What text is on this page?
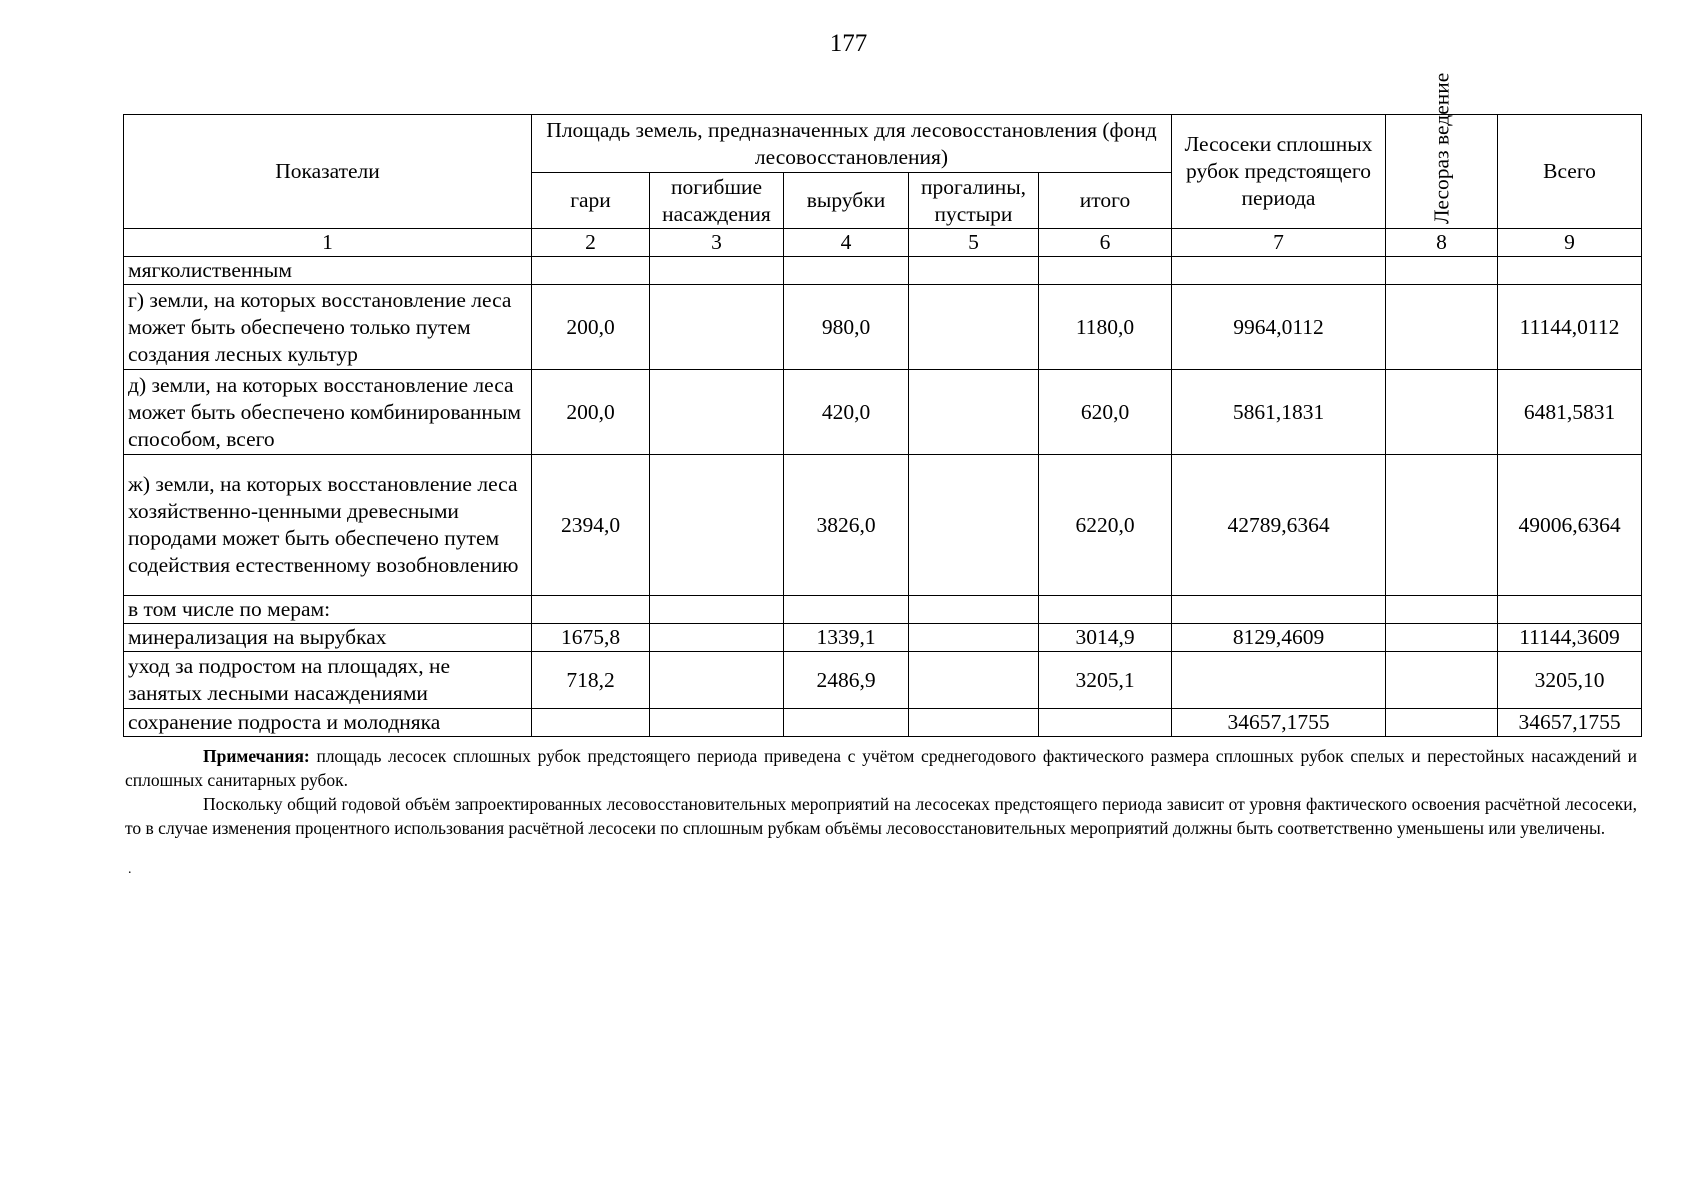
177
Показатели	Площадь земель, предназначенных для лесовосстановления (фонд лесовосстановления)					Лесосеки сплошных рубок предстоящего периода	Лесораз ведение	Всего
	гари	погибшие насаждения	вырубки	прогалины, пустыри	итого			
1	2	3	4	5	6	7	8	9
мягколиственным								
г) земли, на которых восстановление леса может быть обеспечено только путем создания лесных культур	200,0		980,0		1180,0	9964,0112		11144,0112
д) земли, на которых восстановление леса может быть обеспечено комбинированным способом, всего	200,0		420,0		620,0	5861,1831		6481,5831
ж) земли, на которых восстановление леса хозяйственно-ценными древесными породами может быть обеспечено путем содействия естественному возобновлению	2394,0		3826,0		6220,0	42789,6364		49006,6364
в том числе по мерам:								
минерализация на вырубках	1675,8		1339,1		3014,9	8129,4609		11144,3609
уход за подростом на площадях, не занятых лесными насаждениями	718,2		2486,9		3205,1			3205,10
сохранение подроста и молодняка						34657,1755		34657,1755

Примечания: площадь лесосек сплошных рубок предстоящего периода приведена с учётом среднегодового фактического размера сплошных рубок спелых и перестойных насаждений и сплошных санитарных рубок.

Поскольку общий годовой объём запроектированных лесовосстановительных мероприятий на лесосеках предстоящего периода зависит от уровня фактического освоения расчётной лесосеки, то в случае изменения процентного использования расчётной лесосеки по сплошным рубкам объёмы лесовосстановительных мероприятий должны быть соответственно уменьшены или увеличены.

.
